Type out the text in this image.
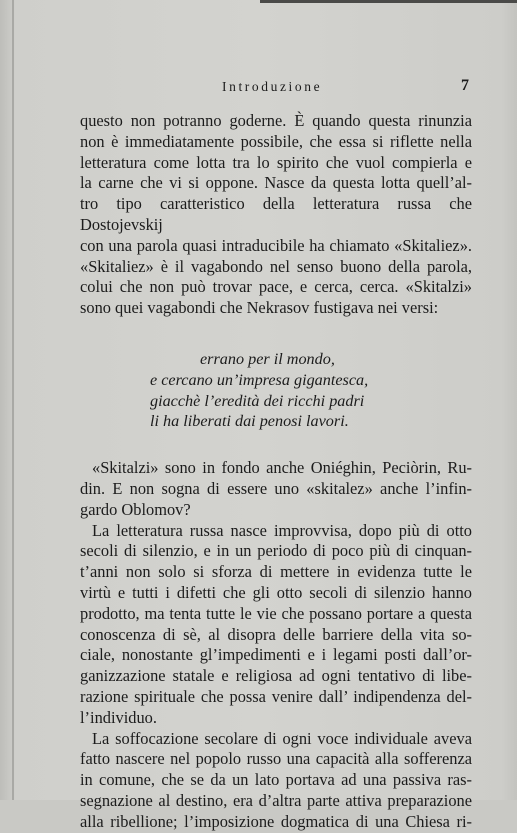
Introduzione	7

questo non potranno goderne. È quando questa rinunzia

non è immediatamente possibile, che essa si riflette nella

letteratura come lotta tra lo spirito che vuol compierla e

la carne che vi si oppone. Nasce da questa lotta quell’al-

tro tipo caratteristico della letteratura russa che Dostojevskij

con una parola quasi intraducibile ha chiamato «Skitaliez».

«Skitaliez» è il vagabondo nel senso buono della parola,

colui che non può trovar pace, e cerca, cerca. «Skitalzi»

sono quei vagabondi che Nekrasov fustigava nei versi:

errano per il mondo,
e cercano un’impresa gigantesca,
giacchè l’eredità dei ricchi padri
li ha liberati dai penosi lavori.

«Skitalzi» sono in fondo anche Oniéghin, Peciòrin, Ru-

din. E non sogna di essere uno «skitalez» anche l’infin-

gardo Oblomov?

La letteratura russa nasce improvvisa, dopo più di otto

secoli di silenzio, e in un periodo di poco più di cinquan-

t’anni non solo si sforza di mettere in evidenza tutte le

virtù e tutti i difetti che gli otto secoli di silenzio hanno

prodotto, ma tenta tutte le vie che possano portare a questa

conoscenza di sè, al disopra delle barriere della vita so-

ciale, nonostante gl’impedimenti e i legami posti dall’or-

ganizzazione statale e religiosa ad ogni tentativo di libe-

razione spirituale che possa venire dall’ indipendenza del-

l’individuo.

La soffocazione secolare di ogni voce individuale aveva

fatto nascere nel popolo russo una capacità alla sofferenza

in comune, che se da un lato portava ad una passiva ras-

segnazione al destino, era d’altra parte attiva preparazione

alla ribellione; l’imposizione dogmatica di una Chiesa ri-
